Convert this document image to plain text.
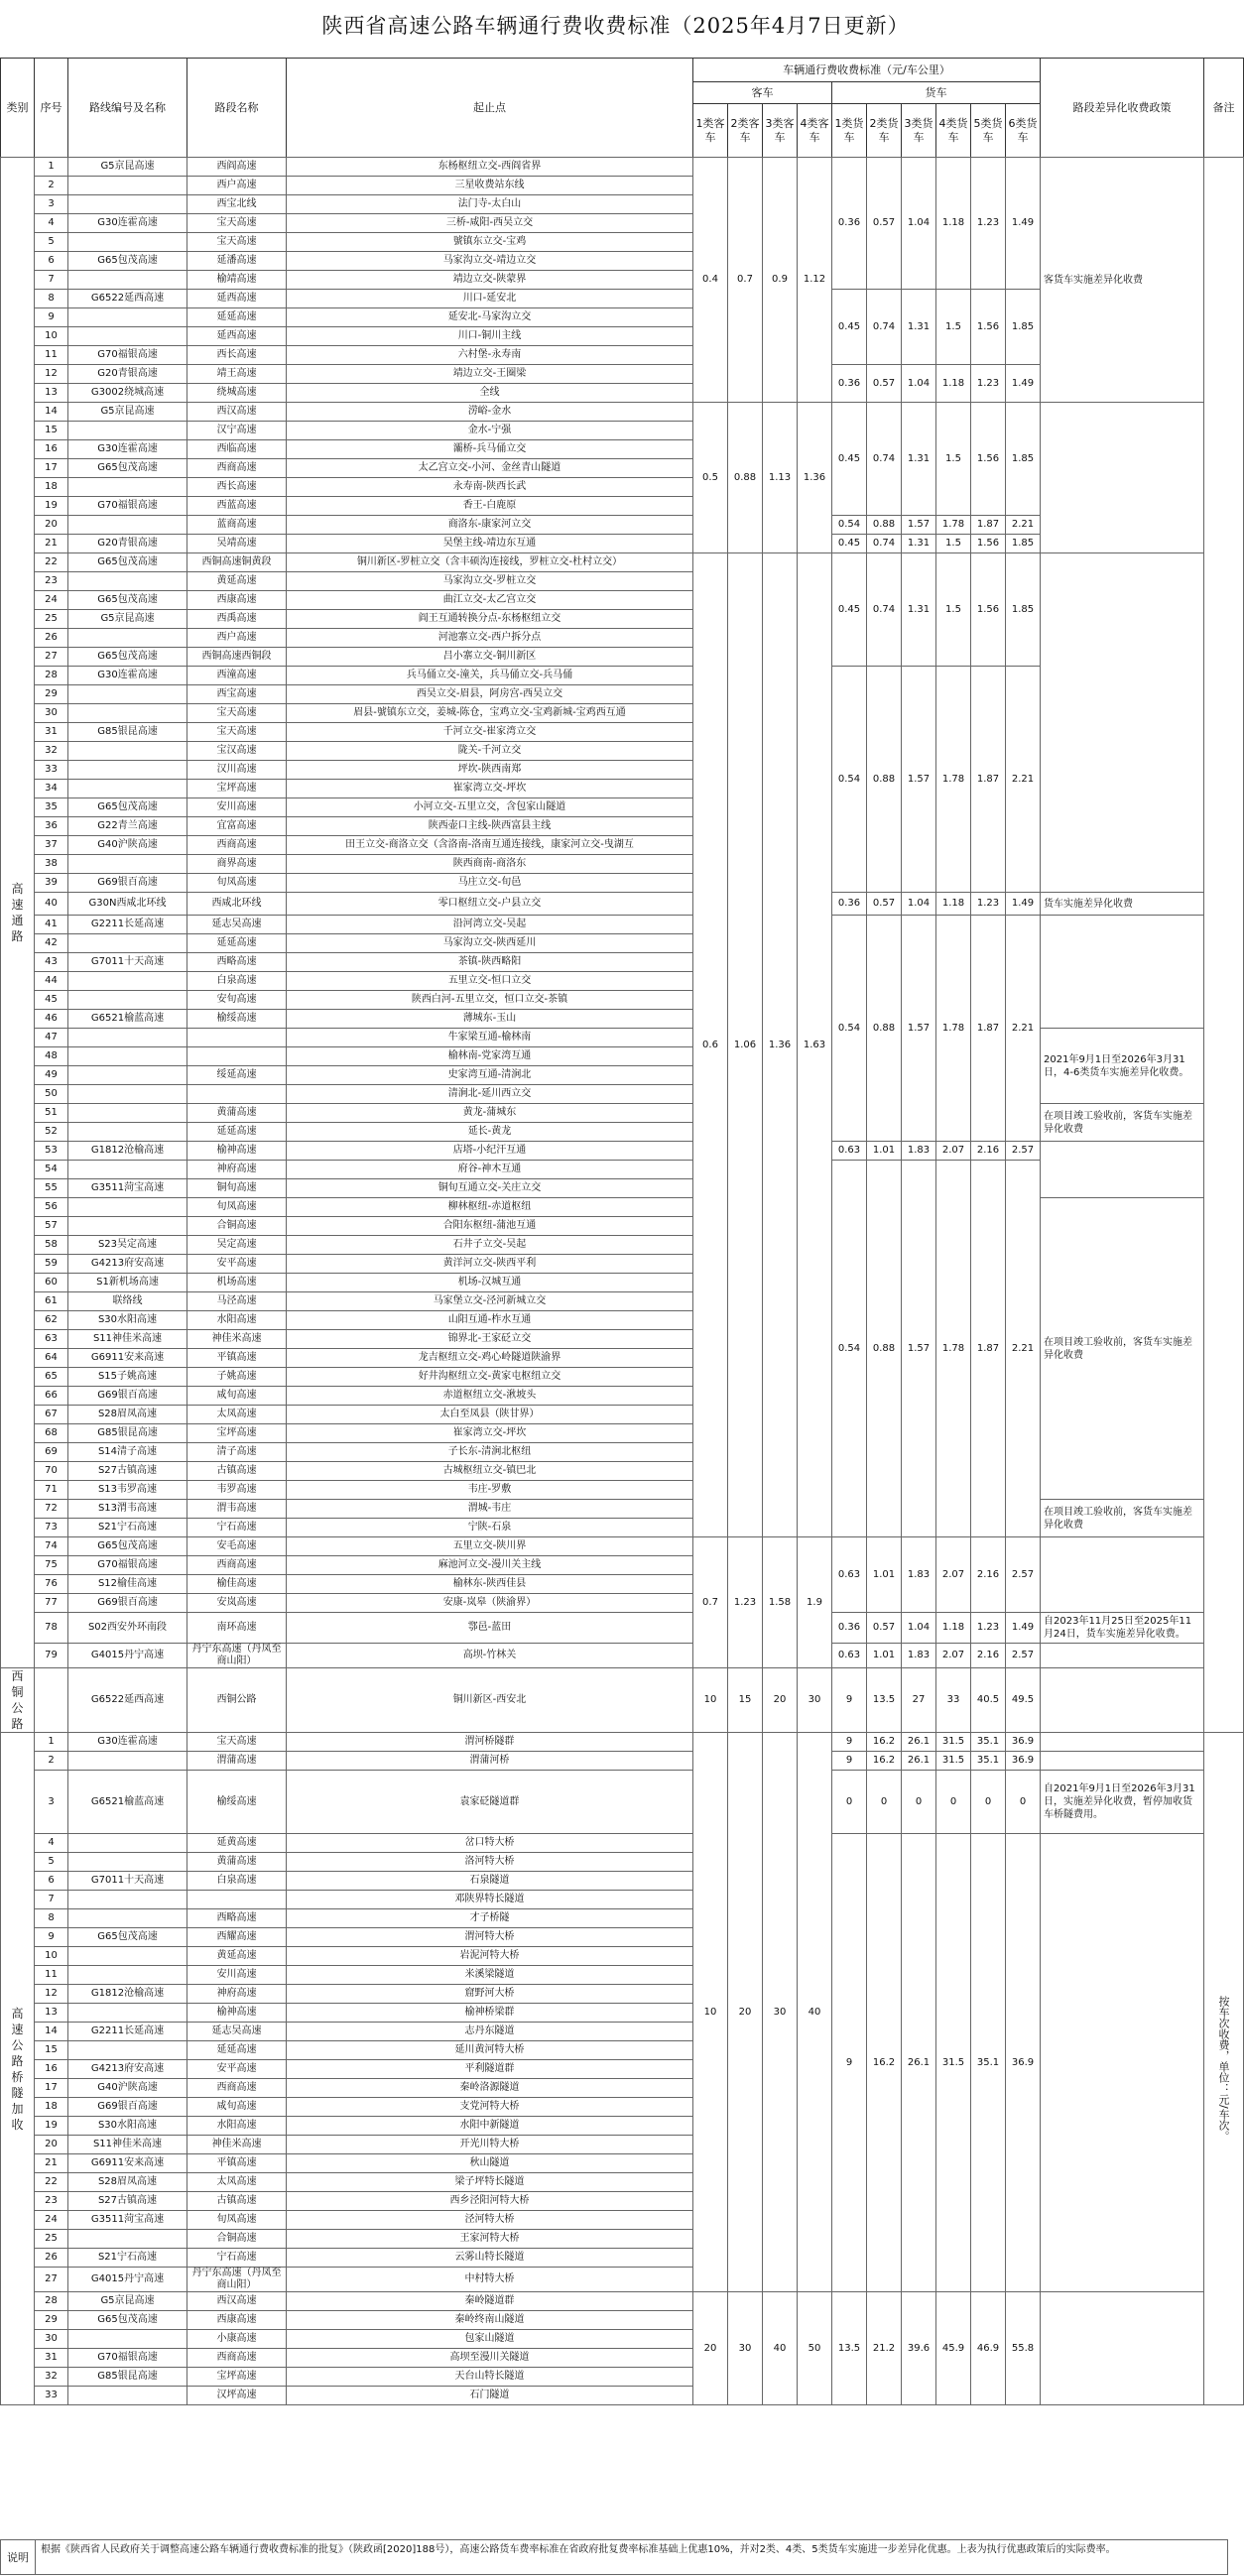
陕西省高速公路车辆通行费收费标准（2025年4月7日更新）
类别	序号	路线编号及名称	路段名称	起止点	车辆通行费收费标准（元/车公里）										路段差异化收费政策	备注
					客车				货车							
					1类客车	2类客车	3类客车	4类客车	1类货车	2类货车	3类货车	4类货车	5类货车	6类货车		
高速通路	1	G5京昆高速	西阎高速	东杨枢纽立交-西阎省界	0.4	0.7	0.9	1.12	0.36	0.57	1.04	1.18	1.23	1.49	客货车实施差异化收费	
	2		西户高速	三星收费站东线												
	3		西宝北线	法门寺-太白山												
	4	G30连霍高速	宝天高速	三桥-咸阳-西吴立交												
	5		宝天高速	號镇东立交-宝鸡												
	6	G65包茂高速	延潘高速	马家沟立交-靖边立交												
	7		榆靖高速	靖边立交-陕蒙界												
	8	G6522延西高速	延西高速	川口-延安北					0.45	0.74	1.31	1.5	1.56	1.85		
	9		延延高速	延安北-马家沟立交												
	10		延西高速	川口-铜川主线												
	11	G70福银高速	西长高速	六村堡-永寿南												
	12	G20青银高速	靖王高速	靖边立交-王圈梁					0.36	0.57	1.04	1.18	1.23	1.49		
	13	G3002绕城高速	绕城高速	全线												
	14	G5京昆高速	西汉高速	涝峪-金水	0.5	0.88	1.13	1.36	0.45	0.74	1.31	1.5	1.56	1.85		
	15		汉宁高速	金水-宁强												
	16	G30连霍高速	西临高速	灞桥-兵马俑立交												
	17	G65包茂高速	西商高速	太乙宫立交-小河、金丝青山隧道												
	18		西长高速	永寿南-陕西长武												
	19	G70福银高速	西蓝高速	香王-白鹿原												
	20		蓝商高速	商洛东-康家河立交					0.54	0.88	1.57	1.78	1.87	2.21		
	21	G20青银高速	吴靖高速	吴堡主线-靖边东互通					0.45	0.74	1.31	1.5	1.56	1.85		
	22	G65包茂高速	西铜高速铜黄段	铜川新区-罗桩立交（含丰硕沟连接线，罗桩立交-杜村立交）	0.6	1.06	1.36	1.63	0.45	0.74	1.31	1.5	1.56	1.85		
	23		黄延高速	马家沟立交-罗桩立交												
	24	G65包茂高速	西康高速	曲江立交-太乙宫立交												
	25	G5京昆高速	西禹高速	阎王互通转换分点-东杨枢纽立交												
	26		西户高速	河池寨立交-西户拆分点												
	27	G65包茂高速	西铜高速西铜段	吕小寨立交-铜川新区												
	28	G30连霍高速	西潼高速	兵马俑立交-潼关，兵马俑立交-兵马俑					0.54	0.88	1.57	1.78	1.87	2.21		
	29		西宝高速	西吴立交-眉县，阿房宫-西吴立交												
	30		宝天高速	眉县-號镇东立交，姜城-陈仓，宝鸡立交-宝鸡新城-宝鸡西互通												
	31	G85银昆高速	宝天高速	千河立交-崔家湾立交												
	32		宝汉高速	陇关-千河立交												
	33		汉川高速	坪坎-陕西南郑												
	34		宝坪高速	崔家湾立交-坪坎												
	35	G65包茂高速	安川高速	小河立交-五里立交，含包家山隧道												
	36	G22青兰高速	宜富高速	陕西壶口主线-陕西富县主线												
	37	G40沪陕高速	西商高速	田王立交-商洛立交（含洛南-洛南互通连接线，康家河立交-曳湖互												
	38		商界高速	陕西商南-商洛东												
	39	G69银百高速	旬凤高速	马庄立交-旬邑												
	40	G30N西咸北环线	西咸北环线	零口枢纽立交-户县立交					0.36	0.57	1.04	1.18	1.23	1.49	货车实施差异化收费	
	41	G2211长延高速	延志吴高速	沿河湾立交-吴起					0.54	0.88	1.57	1.78	1.87	2.21		
	42		延延高速	马家沟立交-陕西延川												
	43	G7011十天高速	西略高速	茶镇-陕西略阳												
	44		白泉高速	五里立交-恒口立交												
	45		安旬高速	陕西白河-五里立交，恒口立交-茶镇												
	46	G6521榆蓝高速	榆绥高速	薄城东-玉山												
	47			牛家梁互通-榆林南											2021年9月1日至2026年3月31日，4-6类货车实施差异化收费。	
	48			榆林南-党家湾互通												
	49		绥延高速	史家湾互通-清涧北												
	50			清涧北-延川西立交												
	51		黄蒲高速	黄龙-蒲城东											在项目竣工验收前，客货车实施差异化收费	
	52		延延高速	延长-黄龙												
	53	G1812沧榆高速	榆神高速	店塔-小纪汗互通					0.63	1.01	1.83	2.07	2.16	2.57		
	54		神府高速	府谷-神木互通					0.54	0.88	1.57	1.78	1.87	2.21		
	55	G3511菏宝高速	铜旬高速	铜旬互通立交-关庄立交												
	56		旬凤高速	柳林枢纽-赤道枢纽											在项目竣工验收前，客货车实施差异化收费	
	57		合铜高速	合阳东枢纽-蒲池互通												
	58	S23吴定高速	吴定高速	石井子立交-吴起												
	59	G4213府安高速	安平高速	黄洋河立交-陕西平利												
	60	S1新机场高速	机场高速	机场-汉城互通												
	61	联络线	马泾高速	马家堡立交-泾河新城立交												
	62	S30水阳高速	水阳高速	山阳互通-柞水互通												
	63	S11神佳米高速	神佳米高速	锦界北-王家砭立交												
	64	G6911安来高速	平镇高速	龙吉枢纽立交-鸡心岭隧道陕渝界												
	65	S15子姚高速	子姚高速	好井沟枢纽立交-黄家屯枢纽立交												
	66	G69银百高速	咸旬高速	赤道枢纽立交-湫坡头												
	67	S28眉凤高速	太凤高速	太白至凤县（陕甘界）												
	68	G85银昆高速	宝坪高速	崔家湾立交-坪坎												
	69	S14清子高速	清子高速	子长东-清涧北枢纽												
	70	S27古镇高速	古镇高速	古城枢纽立交-镇巴北												
	71	S13韦罗高速	韦罗高速	韦庄-罗敷												
	72	S13渭韦高速	渭韦高速	渭城-韦庄											在项目竣工验收前，客货车实施差异化收费	
	73	S21宁石高速	宁石高速	宁陕-石泉												
	74	G65包茂高速	安毛高速	五里立交-陕川界	0.7	1.23	1.58	1.9	0.63	1.01	1.83	2.07	2.16	2.57		
	75	G70福银高速	西商高速	麻池河立交-漫川关主线												
	76	S12榆佳高速	榆佳高速	榆林东-陕西佳县												
	77	G69银百高速	安岚高速	安康-岚皋（陕渝界）												
	78	S02西安外环南段	南环高速	鄠邑-蓝田					0.36	0.57	1.04	1.18	1.23	1.49	自2023年11月25日至2025年11月24日，货车实施差异化收费。	
	79	G4015丹宁高速	丹宁东高速（丹凤至商山阳）	高坝-竹林关					0.63	1.01	1.83	2.07	2.16	2.57		
西铜公路		G6522延西高速	西铜公路	铜川新区-西安北	10	15	20	30	9	13.5	27	33	40.5	49.5		
高速公路桥隧加收	1	G30连霍高速	宝天高速	渭河桥隧群	10	20	30	40	9	16.2	26.1	31.5	35.1	36.9		按车次收费，单位：元/车次。
	2		渭蒲高速	渭蒲河桥					9	16.2	26.1	31.5	35.1	36.9		
	3	G6521榆蓝高速	榆绥高速	袁家砭隧道群					0	0	0	0	0	0	自2021年9月1日至2026年3月31日，实施差异化收费，暂停加收货车桥隧费用。	
	4		延黄高速	岔口特大桥					9	16.2	26.1	31.5	35.1	36.9		
	5		黄蒲高速	洛河特大桥												
	6	G7011十天高速	白泉高速	石泉隧道												
	7			邓陕界特长隧道												
	8		西略高速	才子桥隧												
	9	G65包茂高速	西耀高速	渭河特大桥												
	10		黄延高速	岩泥河特大桥												
	11		安川高速	米溪梁隧道												
	12	G1812沧榆高速	神府高速	窟野河大桥												
	13		榆神高速	榆神桥梁群												
	14	G2211长延高速	延志吴高速	志丹东隧道												
	15		延延高速	延川黄河特大桥												
	16	G4213府安高速	安平高速	平利隧道群												
	17	G40沪陕高速	西商高速	秦岭洛源隧道												
	18	G69银百高速	咸旬高速	支党河特大桥												
	19	S30水阳高速	水阳高速	水阳中新隧道												
	20	S11神佳米高速	神佳米高速	开光川特大桥												
	21	G6911安来高速	平镇高速	秋山隧道												
	22	S28眉凤高速	太凤高速	梁子坪特长隧道												
	23	S27古镇高速	古镇高速	西乡泾阳河特大桥												
	24	G3511菏宝高速	旬凤高速	泾河特大桥												
	25		合铜高速	王家河特大桥												
	26	S21宁石高速	宁石高速	云雾山特长隧道												
	27	G4015丹宁高速	丹宁东高速（丹凤至商山阳）	中村特大桥												
	28	G5京昆高速	西汉高速	秦岭隧道群	20	30	40	50	13.5	21.2	39.6	45.9	46.9	55.8		
	29	G65包茂高速	西康高速	秦岭终南山隧道												
	30		小康高速	包家山隧道												
	31	G70福银高速	西商高速	高坝至漫川关隧道												
	32	G85银昆高速	宝坪高速	天台山特长隧道												
	33		汉坪高速	石门隧道												
说明
根据《陕西省人民政府关于调整高速公路车辆通行费收费标准的批复》（陕政函[2020]188号），高速公路货车费率标准在省政府批复费率标准基础上优惠10%，并对2类、4类、5类货车实施进一步差异化优惠。上表为执行优惠政策后的实际费率。
